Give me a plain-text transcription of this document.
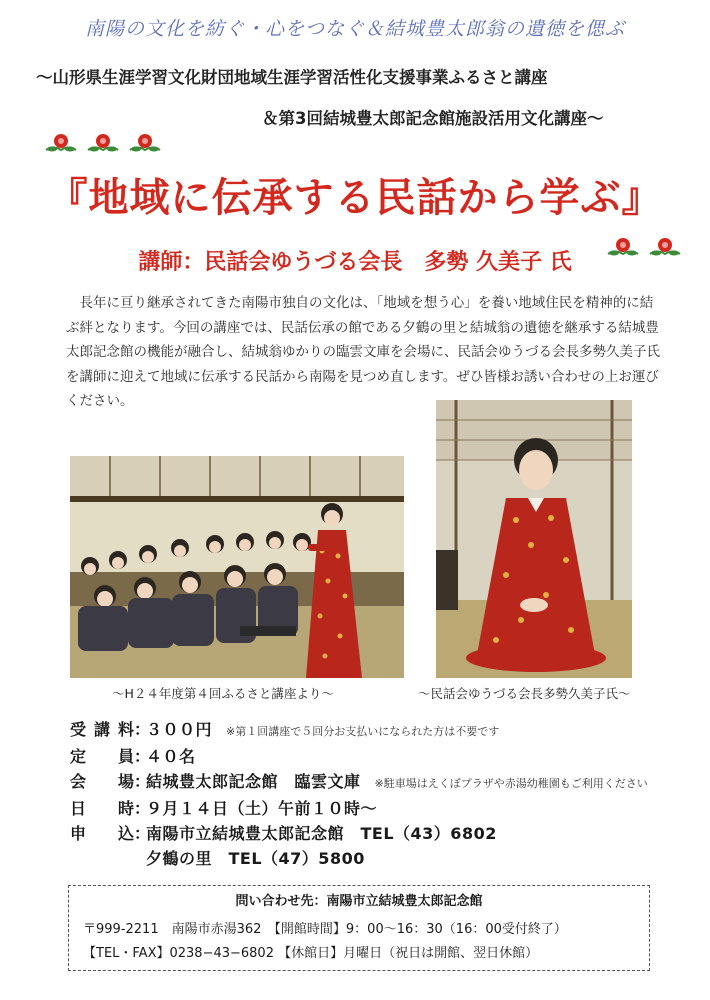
南陽の文化を紡ぐ・心をつなぐ＆結城豊太郎翁の遺徳を偲ぶ
〜山形県生涯学習文化財団地域生涯学習活性化支援事業ふるさと講座
＆第3回結城豊太郎記念館施設活用文化講座〜
『地域に伝承する民話から学ぶ』
講師：民話会ゆうづる会長 多勢 久美子 氏

長年に亘り継承されてきた南陽市独自の文化は、「地域を想う心」を養い地域住民を精神的に結ぶ絆となります。今回の講座では、民話伝承の館である夕鶴の里と結城翁の遺徳を継承する結城豊太郎記念館の機能が融合し、結城翁ゆかりの臨雲文庫を会場に、民話会ゆうづる会長多勢久美子氏を講師に迎えて地域に伝承する民話から南陽を見つめ直します。ぜひ皆様お誘い合わせの上お運びください。

〜H２４年度第４回ふるさと講座より〜	〜民話会ゆうづる会長多勢久美子氏〜
受講料 ：
３００円 ※第１回講座で５回分お支払いになられた方は不要です
定　員 ：
４０名
会　場 ：
結城豊太郎記念館　臨雲文庫 ※駐車場はえくぼプラザや赤湯幼稚園もご利用ください
日　時 ：
９月１４日（土）午前１０時〜
申　込 ：
南陽市立結城豊太郎記念館　TEL（43）6802
夕鶴の里　TEL（47）5800
問い合わせ先：南陽市立結城豊太郎記念館
〒999-2211　南陽市赤湯362　【開館時間】9：00〜16：30（16：00受付終了）
【TEL・FAX】0238−43−6802 【休館日】月曜日（祝日は開館、翌日休館）
